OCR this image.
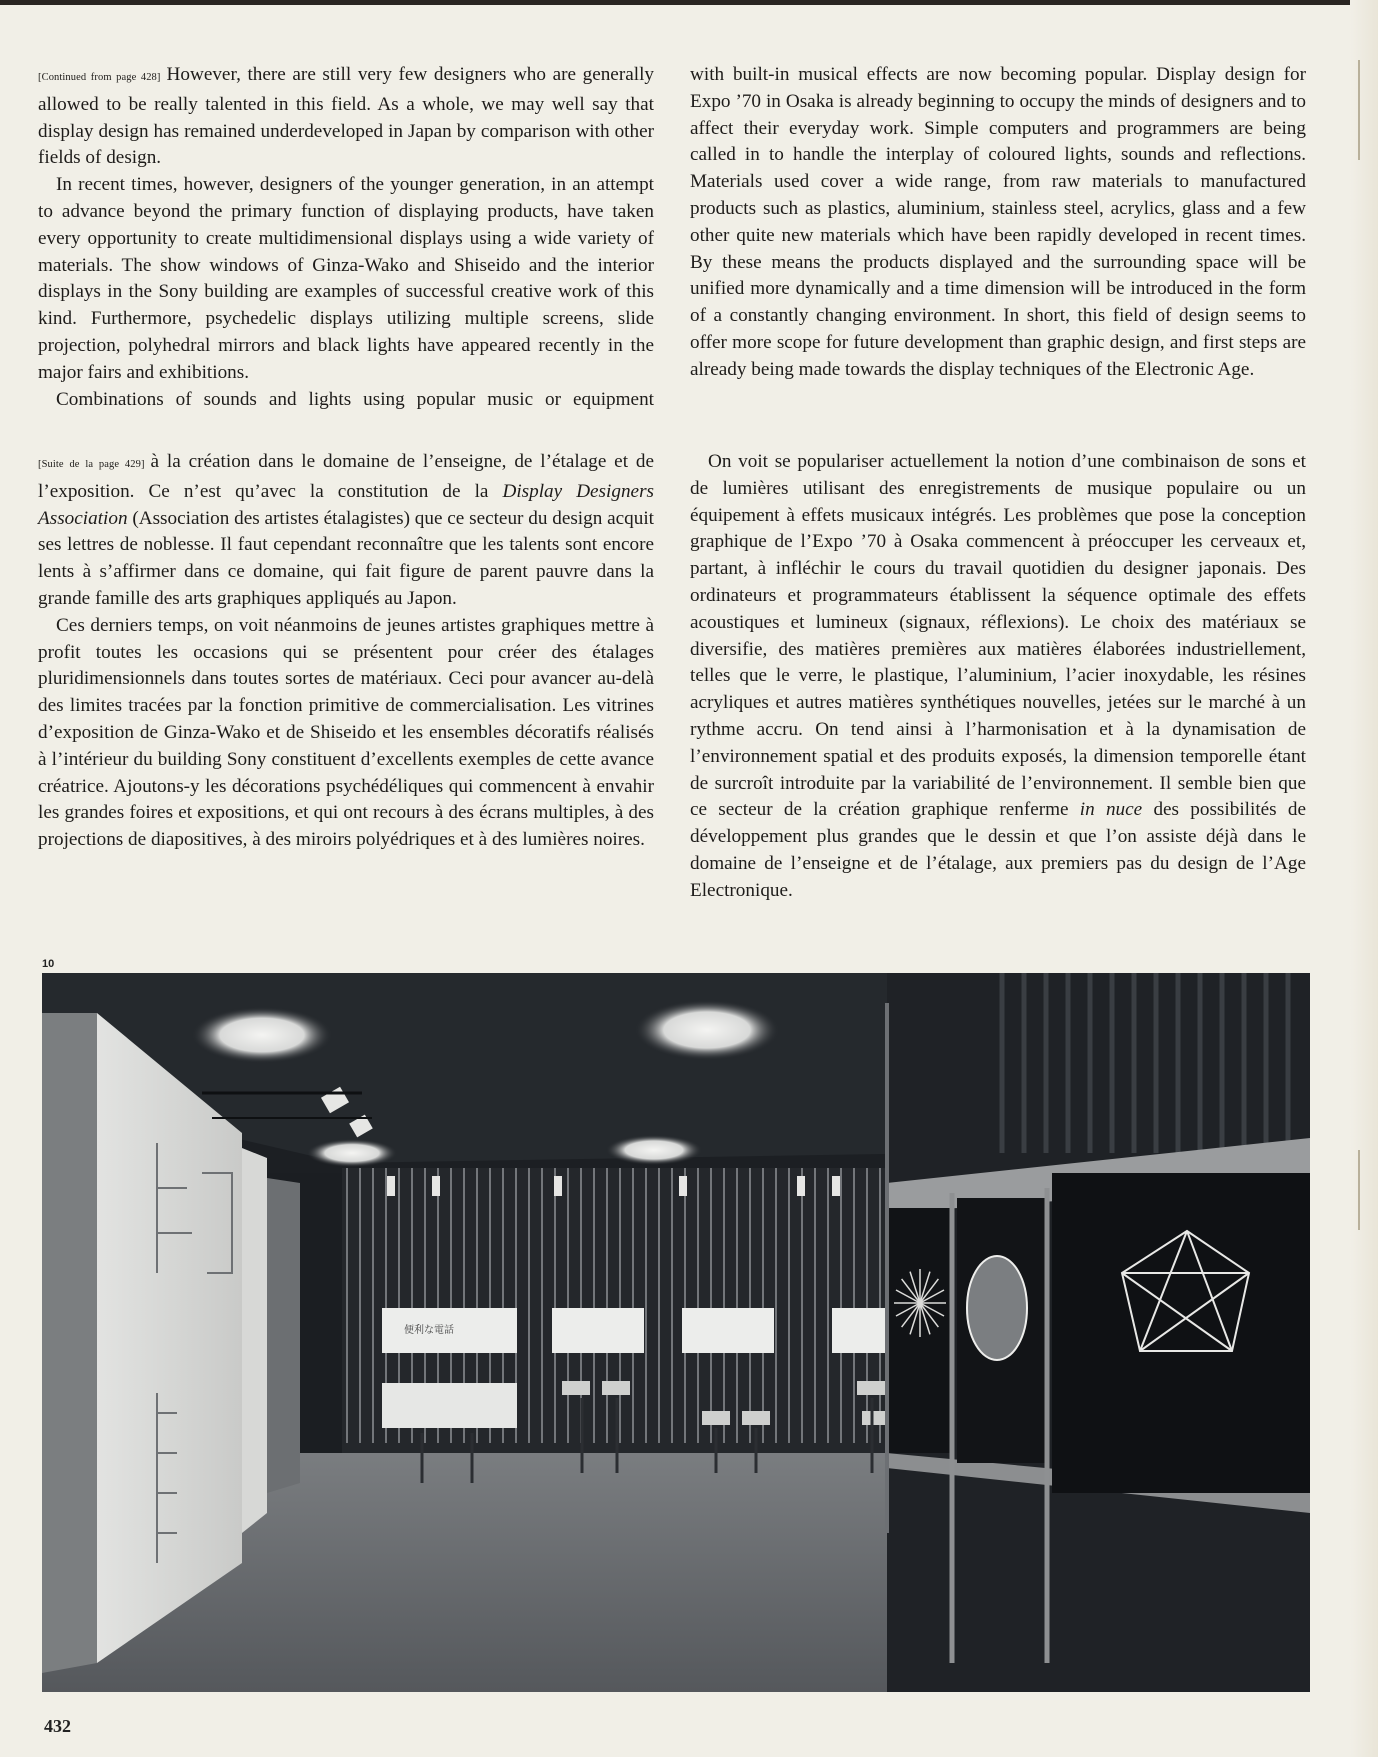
[Continued from page 428] However, there are still very few designers who are generally allowed to be really talented in this field. As a whole, we may well say that display design has remained underdeveloped in Japan by comparison with other fields of design.

In recent times, however, designers of the younger generation, in an attempt to advance beyond the primary function of displaying products, have taken every opportunity to create multidimensional displays using a wide variety of materials. The show windows of Ginza-Wako and Shiseido and the interior displays in the Sony building are examples of successful creative work of this kind. Furthermore, psychedelic displays utilizing multiple screens, slide projection, polyhedral mirrors and black lights have appeared recently in the major fairs and exhibitions.

Combinations of sounds and lights using popular music or equipment

with built-in musical effects are now becoming popular. Display design for Expo ’70 in Osaka is already beginning to occupy the minds of designers and to affect their everyday work. Simple computers and programmers are being called in to handle the interplay of coloured lights, sounds and reflections. Materials used cover a wide range, from raw materials to manufactured products such as plastics, aluminium, stainless steel, acrylics, glass and a few other quite new materials which have been rapidly developed in recent times. By these means the products displayed and the surrounding space will be unified more dynamically and a time dimension will be introduced in the form of a constantly changing environment. In short, this field of design seems to offer more scope for future development than graphic design, and first steps are already being made towards the display techniques of the Electronic Age.

[Suite de la page 429] à la création dans le domaine de l’enseigne, de l’étalage et de l’exposition. Ce n’est qu’avec la constitution de la Display Designers Association (Association des artistes étalagistes) que ce secteur du design acquit ses lettres de noblesse. Il faut cependant reconnaître que les talents sont encore lents à s’affirmer dans ce domaine, qui fait figure de parent pauvre dans la grande famille des arts graphiques appliqués au Japon.

Ces derniers temps, on voit néanmoins de jeunes artistes graphiques mettre à profit toutes les occasions qui se présentent pour créer des étalages pluridimensionnels dans toutes sortes de matériaux. Ceci pour avancer au-delà des limites tracées par la fonction primitive de commercialisation. Les vitrines d’exposition de Ginza-Wako et de Shiseido et les ensembles décoratifs réalisés à l’intérieur du building Sony constituent d’excellents exemples de cette avance créatrice. Ajoutons-y les décorations psychédéliques qui commencent à envahir les grandes foires et expositions, et qui ont recours à des écrans multiples, à des projections de diapositives, à des miroirs polyédriques et à des lumières noires.

On voit se populariser actuellement la notion d’une combinaison de sons et de lumières utilisant des enregistrements de musique populaire ou un équipement à effets musicaux intégrés. Les problèmes que pose la conception graphique de l’Expo ’70 à Osaka commencent à préoccuper les cerveaux et, partant, à infléchir le cours du travail quotidien du designer japonais. Des ordinateurs et programmateurs établissent la séquence optimale des effets acoustiques et lumineux (signaux, réflexions). Le choix des matériaux se diversifie, des matières premières aux matières élaborées industriellement, telles que le verre, le plastique, l’aluminium, l’acier inoxydable, les résines acryliques et autres matières synthétiques nouvelles, jetées sur le marché à un rythme accru. On tend ainsi à l’harmonisation et à la dynamisation de l’environnement spatial et des produits exposés, la dimension temporelle étant de surcroît introduite par la variabilité de l’environnement. Il semble bien que ce secteur de la création graphique renferme in nuce des possibilités de développement plus grandes que le dessin et que l’on assiste déjà dans le domaine de l’enseigne et de l’étalage, aux premiers pas du design de l’Age Electronique.

10
便利な電話
432
